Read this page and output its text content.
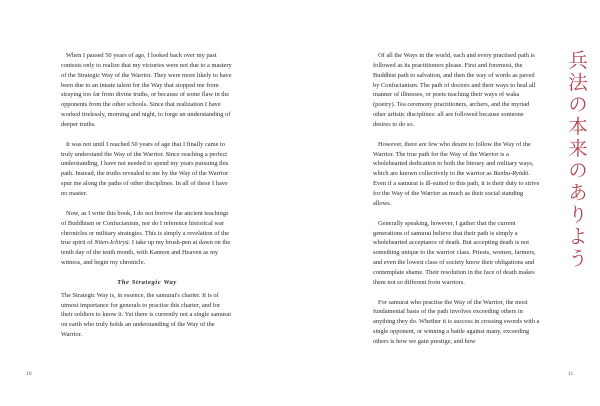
When I passed 50 years of age, I looked back over my past contests only to realize that my victories were not due to a mastery of the Strategic Way of the Warrior. They were more likely to have been due to an innate talent for the Way that stopped me from straying too far from divine truths, or because of some flaw in the opponents from the other schools. Since that realization I have worked tirelessly, morning and night, to forge an understanding of deeper truths.

It was not until I reached 50 years of age that I finally came to truly understand the Way of the Warrior. Since reaching a perfect understanding, I have not needed to spend my years pursuing this path. Instead, the truths revealed to me by the Way of the Warrior spur me along the paths of other disciplines. In all of these I have no master.

Now, as I write this book, I do not borrow the ancient teachings of Buddhism or Confucianism, nor do I reference historical war chronicles or military strategies. This is simply a revelation of the true spirit of Niten-Ichiryū. I take up my brush-pen at dawn on the tenth day of the tenth month, with Kannon and Heaven as my witness, and begin my chronicle.

The Strategic Way

The Strategic Way is, in essence, the samurai's charter. It is of utmost importance for generals to practise this charter, and for their soldiers to know it. Yet there is currently not a single samurai on earth who truly holds an understanding of the Way of the Warrior.

10

Of all the Ways in the world, each and every practised path is followed as its practitioners please. First and foremost, the Buddhist path to salvation, and then the way of words as paved by Confucianism. The path of doctors and their ways to heal all manner of illnesses, or poets teaching their ways of waka (poetry). Tea ceremony practitioners, archers, and the myriad other artistic disciplines: all are followed because someone desires to do so.

However, there are few who desire to follow the Way of the Warrior. The true path for the Way of the Warrior is a wholehearted dedication to both the literary and military ways, which are known collectively to the warrior as Bunbu-Ryōdō. Even if a samurai is ill-suited to this path, it is their duty to strive for the Way of the Warrior as much as their social standing allows.

Generally speaking, however, I gather that the current generations of samurai believe that their path is simply a wholehearted acceptance of death. But accepting death is not something unique to the warrior class. Priests, women, farmers, and even the lowest class of society know their obligations and contemplate shame. Their resolution in the face of death makes them not so different from warriors.

For samurai who practise the Way of the Warrior, the most fundamental basis of the path involves exceeding others in anything they do. Whether it is success in crossing swords with a single opponent, or winning a battle against many, exceeding others is how we gain prestige, and how

兵法の本来のありよう
11
